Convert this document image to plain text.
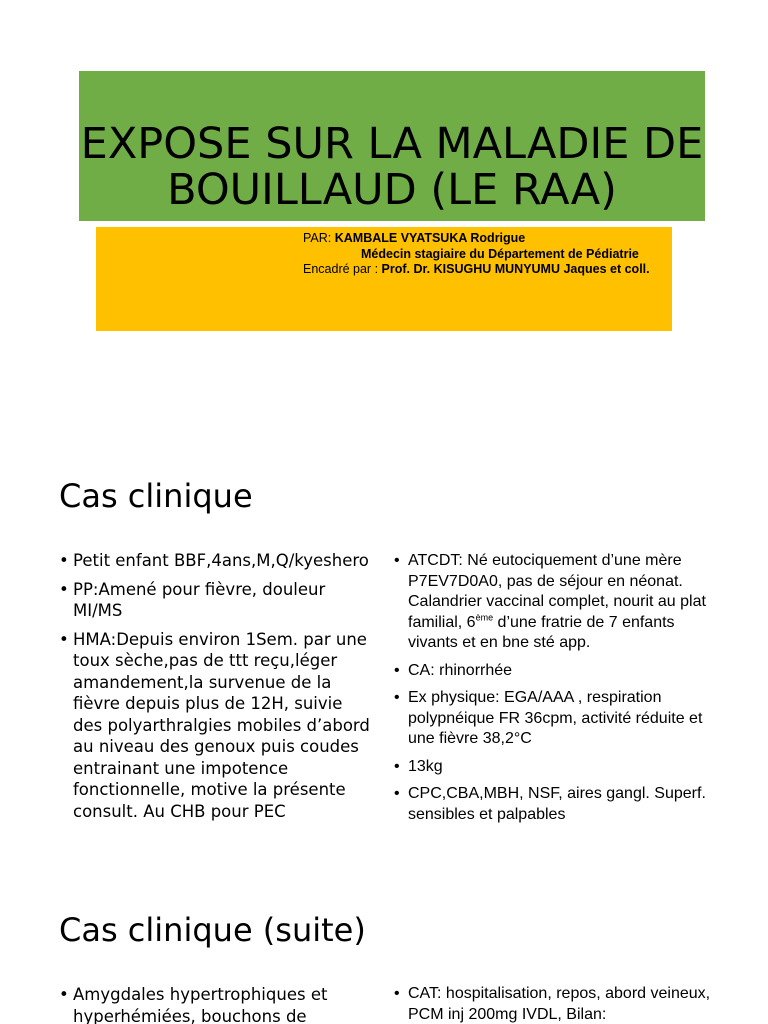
EXPOSE SUR LA MALADIE DE BOUILLAUD (LE RAA)
PAR: KAMBALE VYATSUKA Rodrigue
Médecin stagiaire du Département de Pédiatrie
Encadré par : Prof. Dr. KISUGHU MUNYUMU Jaques et coll.
Cas clinique
• Petit enfant BBF,4ans,M,Q/kyeshero
• PP:Amené pour fièvre, douleur MI/MS
• HMA:Depuis environ 1Sem. par une toux sèche,pas de ttt reçu,léger amandement,la survenue de la fièvre depuis plus de 12H, suivie des polyarthralgies mobiles d’abord au niveau des genoux puis coudes entrainant une impotence fonctionnelle, motive la présente consult. Au CHB pour PEC
• ATCDT: Né eutociquement d’une mère P7EV7D0A0, pas de séjour en néonat. Calandrier vaccinal complet, nourit au plat familial, 6ème d’une fratrie de 7 enfants vivants et en bne sté app.
• CA: rhinorrhée
• Ex physique: EGA/AAA , respiration polypnéique FR 36cpm, activité réduite et une fièvre 38,2°C
• 13kg
• CPC,CBA,MBH, NSF, aires gangl. Superf. sensibles et palpables
Cas clinique (suite)
• Amygdales hypertrophiques et hyperhémiées, bouchons de
• CAT: hospitalisation, repos, abord veineux, PCM inj 200mg IVDL, Bilan:
